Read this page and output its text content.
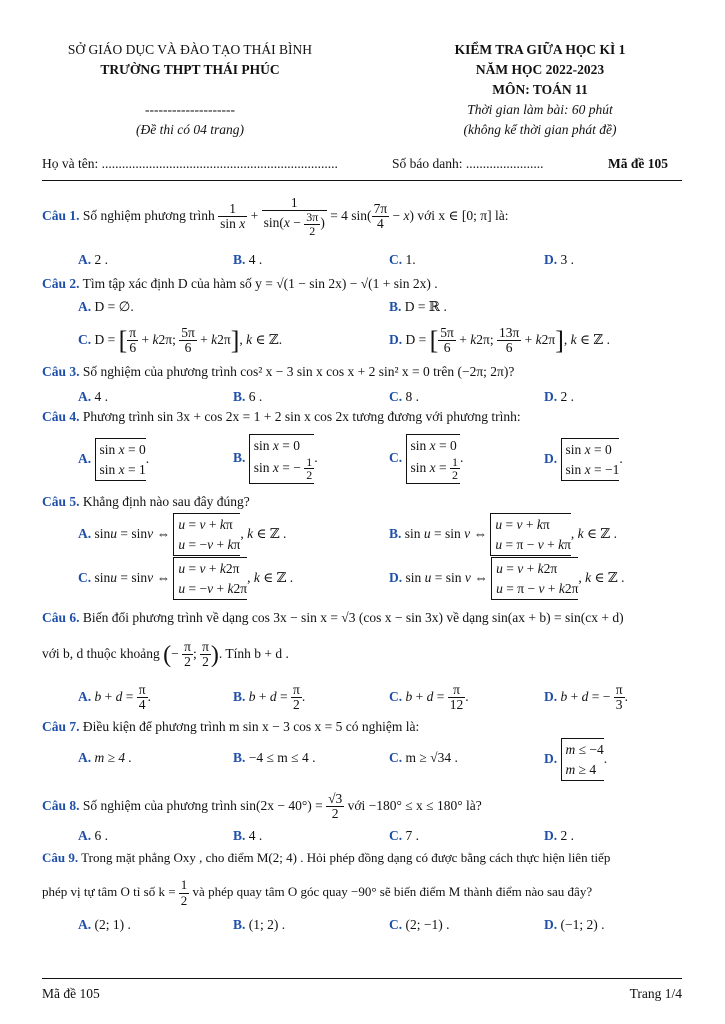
SỞ GIÁO DỤC VÀ ĐÀO TẠO THÁI BÌNH
TRƯỜNG THPT THÁI PHÚC
--------------------
(Đề thi có 04 trang)
KIỂM TRA GIỮA HỌC KÌ 1
NĂM HỌC 2022-2023
MÔN: TOÁN 11
Thời gian làm bài: 60 phút
(không kể thời gian phát đề)
Họ và tên: ......................................................................	Số báo danh: .......................	Mã đề 105
Câu 1. Số nghiệm phương trình $\frac{1}{\text{sin x}} + \frac{1}{\sin(x - \frac{3\pi}{2} )} = 4$ $\sin( \frac{7\pi}{4} - x)$ với x ∈ [0; π] là:
A. 2 .	B. 4 .	C. 1.	D. 3 .
Câu 2. Tìm tập xác định D của hàm số y = √(1 − sin 2x) − √(1 + sin 2x) .
A. D = ∅.	B. D = ℝ .
C. D = [ $\frac{\pi}{6} + k2\pi$; $\frac{5\pi}{6} + k2\pi$], k ∈ ℤ.	D. D = [ $\frac{5\pi}{6} + k2\pi$; $\frac{13\pi}{6} + k2\pi$], k ∈ ℤ .
Câu 3. Số nghiệm của phương trình cos² x − 3 sin x cos x + 2 sin² x = 0 trên (−2π; 2π)?
A. 4 .	B. 6 .	C. 8 .	D. 2 .
Câu 4. Phương trình sin 3x + cos 2x = 1 + 2 sin x cos 2x tương đương với phương trình:
A.
sin x = 0
sin x = 1
.	B.
sin x = 0
sin x = − $\frac{1}{2}$ .	C.
sin x = 0
$\sin x = \frac{1}{2}$ .	D.
sin x = 0
sin x = −1
.
Câu 5. Khẳng định nào sau đây đúng?
A. sinu = sinv ⇔
u = v + kπ
u = −v + kπ
, k ∈ ℤ .	B. sin u = sin v ⇔
u = v + kπ
u = π − v + kπ
, k ∈ ℤ .
C. sinu = sinv ⇔
u = v + k2π
u = −v + k2π
, k ∈ ℤ .	D. sin u = sin v ⇔
u = v + k2π
u = π − v + k2π
, k ∈ ℤ .
Câu 6. Biến đổi phương trình về dạng cos 3x − sin x = √3 (cos x − sin 3x) về dạng sin(ax + b) = sin(cx + d)
với b, d thuộc khoảng (− $\frac{\pi}{2}$ ; $\frac{\pi}{2}$ ). Tính b + d .
A. $b + d = \frac{\pi}{4}$ .	B. $b + d = \frac{\pi}{2}$ .	C. $b + d = \frac{\pi}{12}$ .	D. b + d = − $\frac{\pi}{3}$ .
Câu 7. Điều kiện để phương trình m sin x − 3 cos x = 5 có nghiệm là:
A. m ≥ 4 .	B. −4 ≤ m ≤ 4 .	C. m ≥ √34 .	D.
m ≤ −4
m ≥ 4
.
Câu 8. Số nghiệm của phương trình $\sin(2x - 40^\circ) = \frac{√3}{2}$ với −180° ≤ x ≤ 180° là?
A. 6 .	B. 4 .	C. 7 .	D. 2 .
Câu 9. Trong mặt phẳng Oxy , cho điểm M(2; 4) . Hỏi phép đồng dạng có được bằng cách thực hiện liên tiếp
phép vị tự tâm O tỉ số $k = \frac{1}{2}$ và phép quay tâm O góc quay −90° sẽ biến điểm M thành điểm nào sau đây?
A. (2; 1) .	B. (1; 2) .	C. (2; −1) .	D. (−1; 2) .
Mã đề 105	Trang 1/4
